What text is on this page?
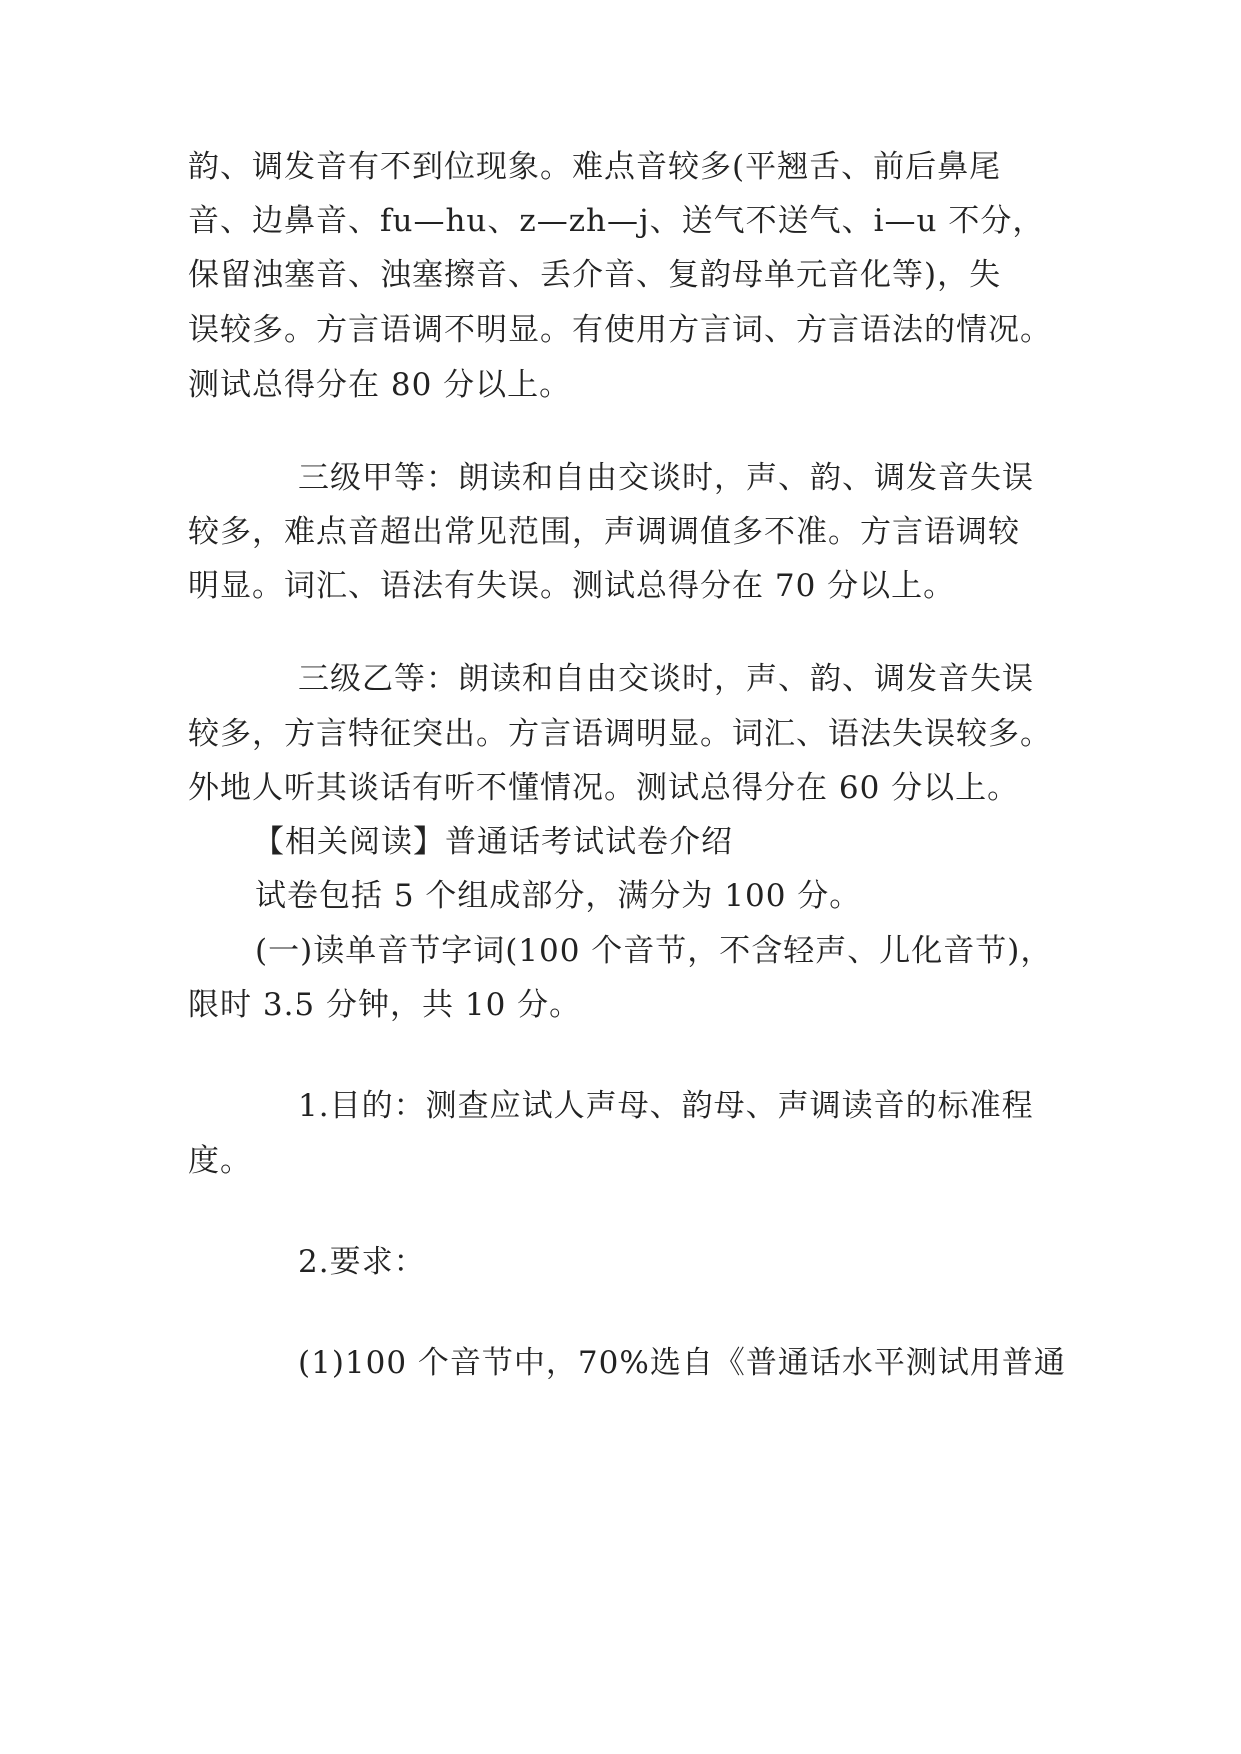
韵、调发音有不到位现象。难点音较多(平翘舌、前后鼻尾
音、边鼻音、fu—hu、z—zh—j、送气不送气、i—u 不分，
保留浊塞音、浊塞擦音、丢介音、复韵母单元音化等)，失
误较多。方言语调不明显。有使用方言词、方言语法的情况。
测试总得分在 80 分以上。
三级甲等：朗读和自由交谈时，声、韵、调发音失误
较多，难点音超出常见范围，声调调值多不准。方言语调较
明显。词汇、语法有失误。测试总得分在 70 分以上。
三级乙等：朗读和自由交谈时，声、韵、调发音失误
较多，方言特征突出。方言语调明显。词汇、语法失误较多。
外地人听其谈话有听不懂情况。测试总得分在 60 分以上。
【相关阅读】普通话考试试卷介绍
试卷包括 5 个组成部分，满分为 100 分。
(一)读单音节字词(100 个音节，不含轻声、儿化音节)，
限时 3.5 分钟，共 10 分。
1.目的：测查应试人声母、韵母、声调读音的标准程
度。
2.要求：
(1)100 个音节中，70%选自《普通话水平测试用普通
